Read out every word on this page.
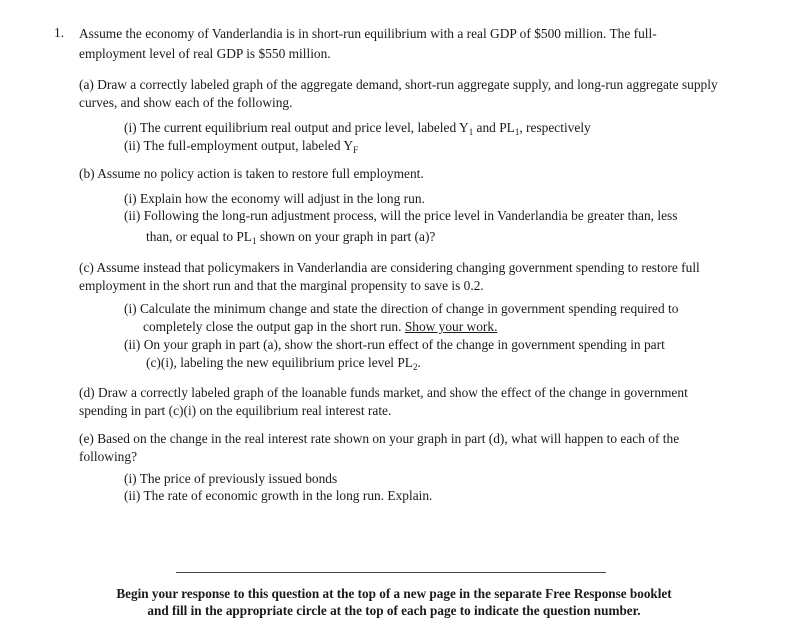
1. Assume the economy of Vanderlandia is in short-run equilibrium with a real GDP of $500 million. The full-employment level of real GDP is $550 million.
(a) Draw a correctly labeled graph of the aggregate demand, short-run aggregate supply, and long-run aggregate supply curves, and show each of the following.
(i) The current equilibrium real output and price level, labeled $Y_1$ and $PL_1$, respectively
(ii) The full-employment output, labeled $Y_F$
(b) Assume no policy action is taken to restore full employment.
(i) Explain how the economy will adjust in the long run.
(ii) Following the long-run adjustment process, will the price level in Vanderlandia be greater than, less
than, or equal to $PL_1$ shown on your graph in part (a)?
(c) Assume instead that policymakers in Vanderlandia are considering changing government spending to restore full employment in the short run and that the marginal propensity to save is 0.2.
(i) Calculate the minimum change and state the direction of change in government spending required to
completely close the output gap in the short run. Show your work.
(ii) On your graph in part (a), show the short-run effect of the change in government spending in part
(c)(i), labeling the new equilibrium price level $PL_2$.
(d) Draw a correctly labeled graph of the loanable funds market, and show the effect of the change in government spending in part (c)(i) on the equilibrium real interest rate.
(e) Based on the change in the real interest rate shown on your graph in part (d), what will happen to each of the following?
(i) The price of previously issued bonds
(ii) The rate of economic growth in the long run. Explain.
Begin your response to this question at the top of a new page in the separate Free Response booklet
and fill in the appropriate circle at the top of each page to indicate the question number.
